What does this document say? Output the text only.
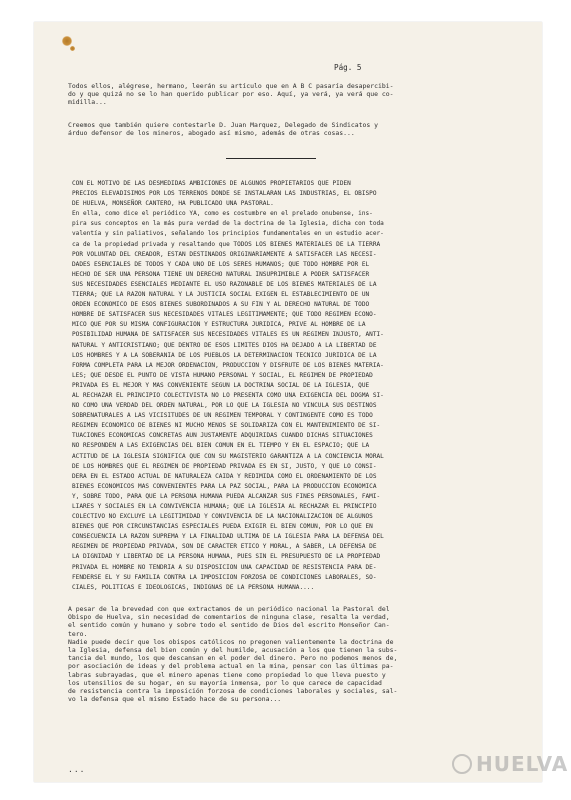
Pág. 5
Todos ellos, alégrese, hermano, leerán su artículo que en A B C pasaría desapercibi-
do y que quizá no se lo han querido publicar por eso. Aquí, ya verá, ya verá que co-
midilla...
Creemos que también quiere contestarle D. Juan Marquez, Delegado de Sindicatos y
árduo defensor de los mineros, abogado así mismo, además de otras cosas...
CON EL MOTIVO DE LAS DESMEDIDAS AMBICIONES DE ALGUNOS PROPIETARIOS QUE PIDEN
PRECIOS ELEVADISIMOS POR LOS TERRENOS DONDE SE INSTALARAN LAS INDUSTRIAS, EL OBISPO
DE HUELVA, MONSEÑOR CANTERO, HA PUBLICADO UNA PASTORAL.
En ella, como dice el periódico YA, como es costumbre en el prelado onubense, ins-
pira sus conceptos en la más pura verdad de la doctrina de la Iglesia, dicha con toda
valentía y sin paliativos, señalando los principios fundamentales en un estudio acer-
ca de la propiedad privada y resaltando que TODOS LOS BIENES MATERIALES DE LA TIERRA
POR VOLUNTAD DEL CREADOR, ESTAN DESTINADOS ORIGINARIAMENTE A SATISFACER LAS NECESI-
DADES ESENCIALES DE TODOS Y CADA UNO DE LOS SERES HUMANOS; QUE TODO HOMBRE POR EL
HECHO DE SER UNA PERSONA TIENE UN DERECHO NATURAL INSUPRIMIBLE A PODER SATISFACER
SUS NECESIDADES ESENCIALES MEDIANTE EL USO RAZONABLE DE LOS BIENES MATERIALES DE LA
TIERRA; QUE LA RAZON NATURAL Y LA JUSTICIA SOCIAL EXIGEN EL ESTABLECIMIENTO DE UN
ORDEN ECONOMICO DE ESOS BIENES SUBORDINADOS A SU FIN Y AL DERECHO NATURAL DE TODO
HOMBRE DE SATISFACER SUS NECESIDADES VITALES LEGITIMAMENTE; QUE TODO REGIMEN ECONO-
MICO QUE POR SU MISMA CONFIGURACION Y ESTRUCTURA JURIDICA, PRIVE AL HOMBRE DE LA
POSIBILIDAD HUMANA DE SATISFACER SUS NECESIDADES VITALES ES UN REGIMEN INJUSTO, ANTI-
NATURAL Y ANTICRISTIANO; QUE DENTRO DE ESOS LIMITES DIOS HA DEJADO A LA LIBERTAD DE
LOS HOMBRES Y A LA SOBERANIA DE LOS PUEBLOS LA DETERMINACION TECNICO JURIDICA DE LA
FORMA COMPLETA PARA LA MEJOR ORDENACION, PRODUCCION Y DISFRUTE DE LOS BIENES MATERIA-
LES; QUE DESDE EL PUNTO DE VISTA HUMANO PERSONAL Y SOCIAL, EL REGIMEN DE PROPIEDAD
PRIVADA ES EL MEJOR Y MAS CONVENIENTE SEGUN LA DOCTRINA SOCIAL DE LA IGLESIA, QUE
AL RECHAZAR EL PRINCIPIO COLECTIVISTA NO LO PRESENTA COMO UNA EXIGENCIA DEL DOGMA SI-
NO COMO UNA VERDAD DEL ORDEN NATURAL, POR LO QUE LA IGLESIA NO VINCULA SUS DESTINOS
SOBRENATURALES A LAS VICISITUDES DE UN REGIMEN TEMPORAL Y CONTINGENTE COMO ES TODO
REGIMEN ECONOMICO DE BIENES NI MUCHO MENOS SE SOLIDARIZA CON EL MANTENIMIENTO DE SI-
TUACIONES ECONOMICAS CONCRETAS AUN JUSTAMENTE ADQUIRIDAS CUANDO DICHAS SITUACIONES
NO RESPONDEN A LAS EXIGENCIAS DEL BIEN COMUN EN EL TIEMPO Y EN EL ESPACIO; QUE LA
ACTITUD DE LA IGLESIA SIGNIFICA QUE CON SU MAGISTERIO GARANTIZA A LA CONCIENCIA MORAL
DE LOS HOMBRES QUE EL REGIMEN DE PROPIEDAD PRIVADA ES EN SI, JUSTO, Y QUE LO CONSI-
DERA EN EL ESTADO ACTUAL DE NATURALEZA CAIDA Y REDIMIDA COMO EL ORDENAMIENTO DE LOS
BIENES ECONOMICOS MAS CONVENIENTES PARA LA PAZ SOCIAL, PARA LA PRODUCCION ECONOMICA
Y, SOBRE TODO, PARA QUE LA PERSONA HUMANA PUEDA ALCANZAR SUS FINES PERSONALES, FAMI-
LIARES Y SOCIALES EN LA CONVIVENCIA HUMANA; QUE LA IGLESIA AL RECHAZAR EL PRINCIPIO
COLECTIVO NO EXCLUYE LA LEGITIMIDAD Y CONVIVENCIA DE LA NACIONALIZACION DE ALGUNOS
BIENES QUE POR CIRCUNSTANCIAS ESPECIALES PUEDA EXIGIR EL BIEN COMUN, POR LO QUE EN
CONSECUENCIA LA RAZON SUPREMA Y LA FINALIDAD ULTIMA DE LA IGLESIA PARA LA DEFENSA DEL
REGIMEN DE PROPIEDAD PRIVADA, SON DE CARACTER ETICO Y MORAL, A SABER, LA DEFENSA DE
LA DIGNIDAD Y LIBERTAD DE LA PERSONA HUMANA, PUES SIN EL PRESUPUESTO DE LA PROPIEDAD
PRIVADA EL HOMBRE NO TENDRIA A SU DISPOSICION UNA CAPACIDAD DE RESISTENCIA PARA DE-
FENDERSE EL Y SU FAMILIA CONTRA LA IMPOSICION FORZOSA DE CONDICIONES LABORALES, SO-
CIALES, POLITICAS E IDEOLOGICAS, INDIGNAS DE LA PERSONA HUMANA....
A pesar de la brevedad con que extractamos de un periódico nacional la Pastoral del
Obispo de Huelva, sin necesidad de comentarios de ninguna clase, resalta la verdad,
el sentido común y humano y sobre todo el sentido de Dios del escrito Monseñor Can-
tero.
Nadie puede decir que los obispos católicos no pregonen valientemente la doctrina de
la Iglesia, defensa del bien común y del humilde, acusación a los que tienen la subs-
tancia del mundo, los que descansan en el poder del dinero. Pero no podemos menos de,
por asociación de ideas y del problema actual en la mina, pensar con las últimas pa-
labras subrayadas, que el minero apenas tiene como propiedad lo que lleva puesto y
los utensilios de su hogar, en su mayoría inmensa, por lo que carece de capacidad
de resistencia contra la imposición forzosa de condiciones laborales y sociales, sal-
vo la defensa que el mismo Estado hace de su persona...
...	HUELVA
